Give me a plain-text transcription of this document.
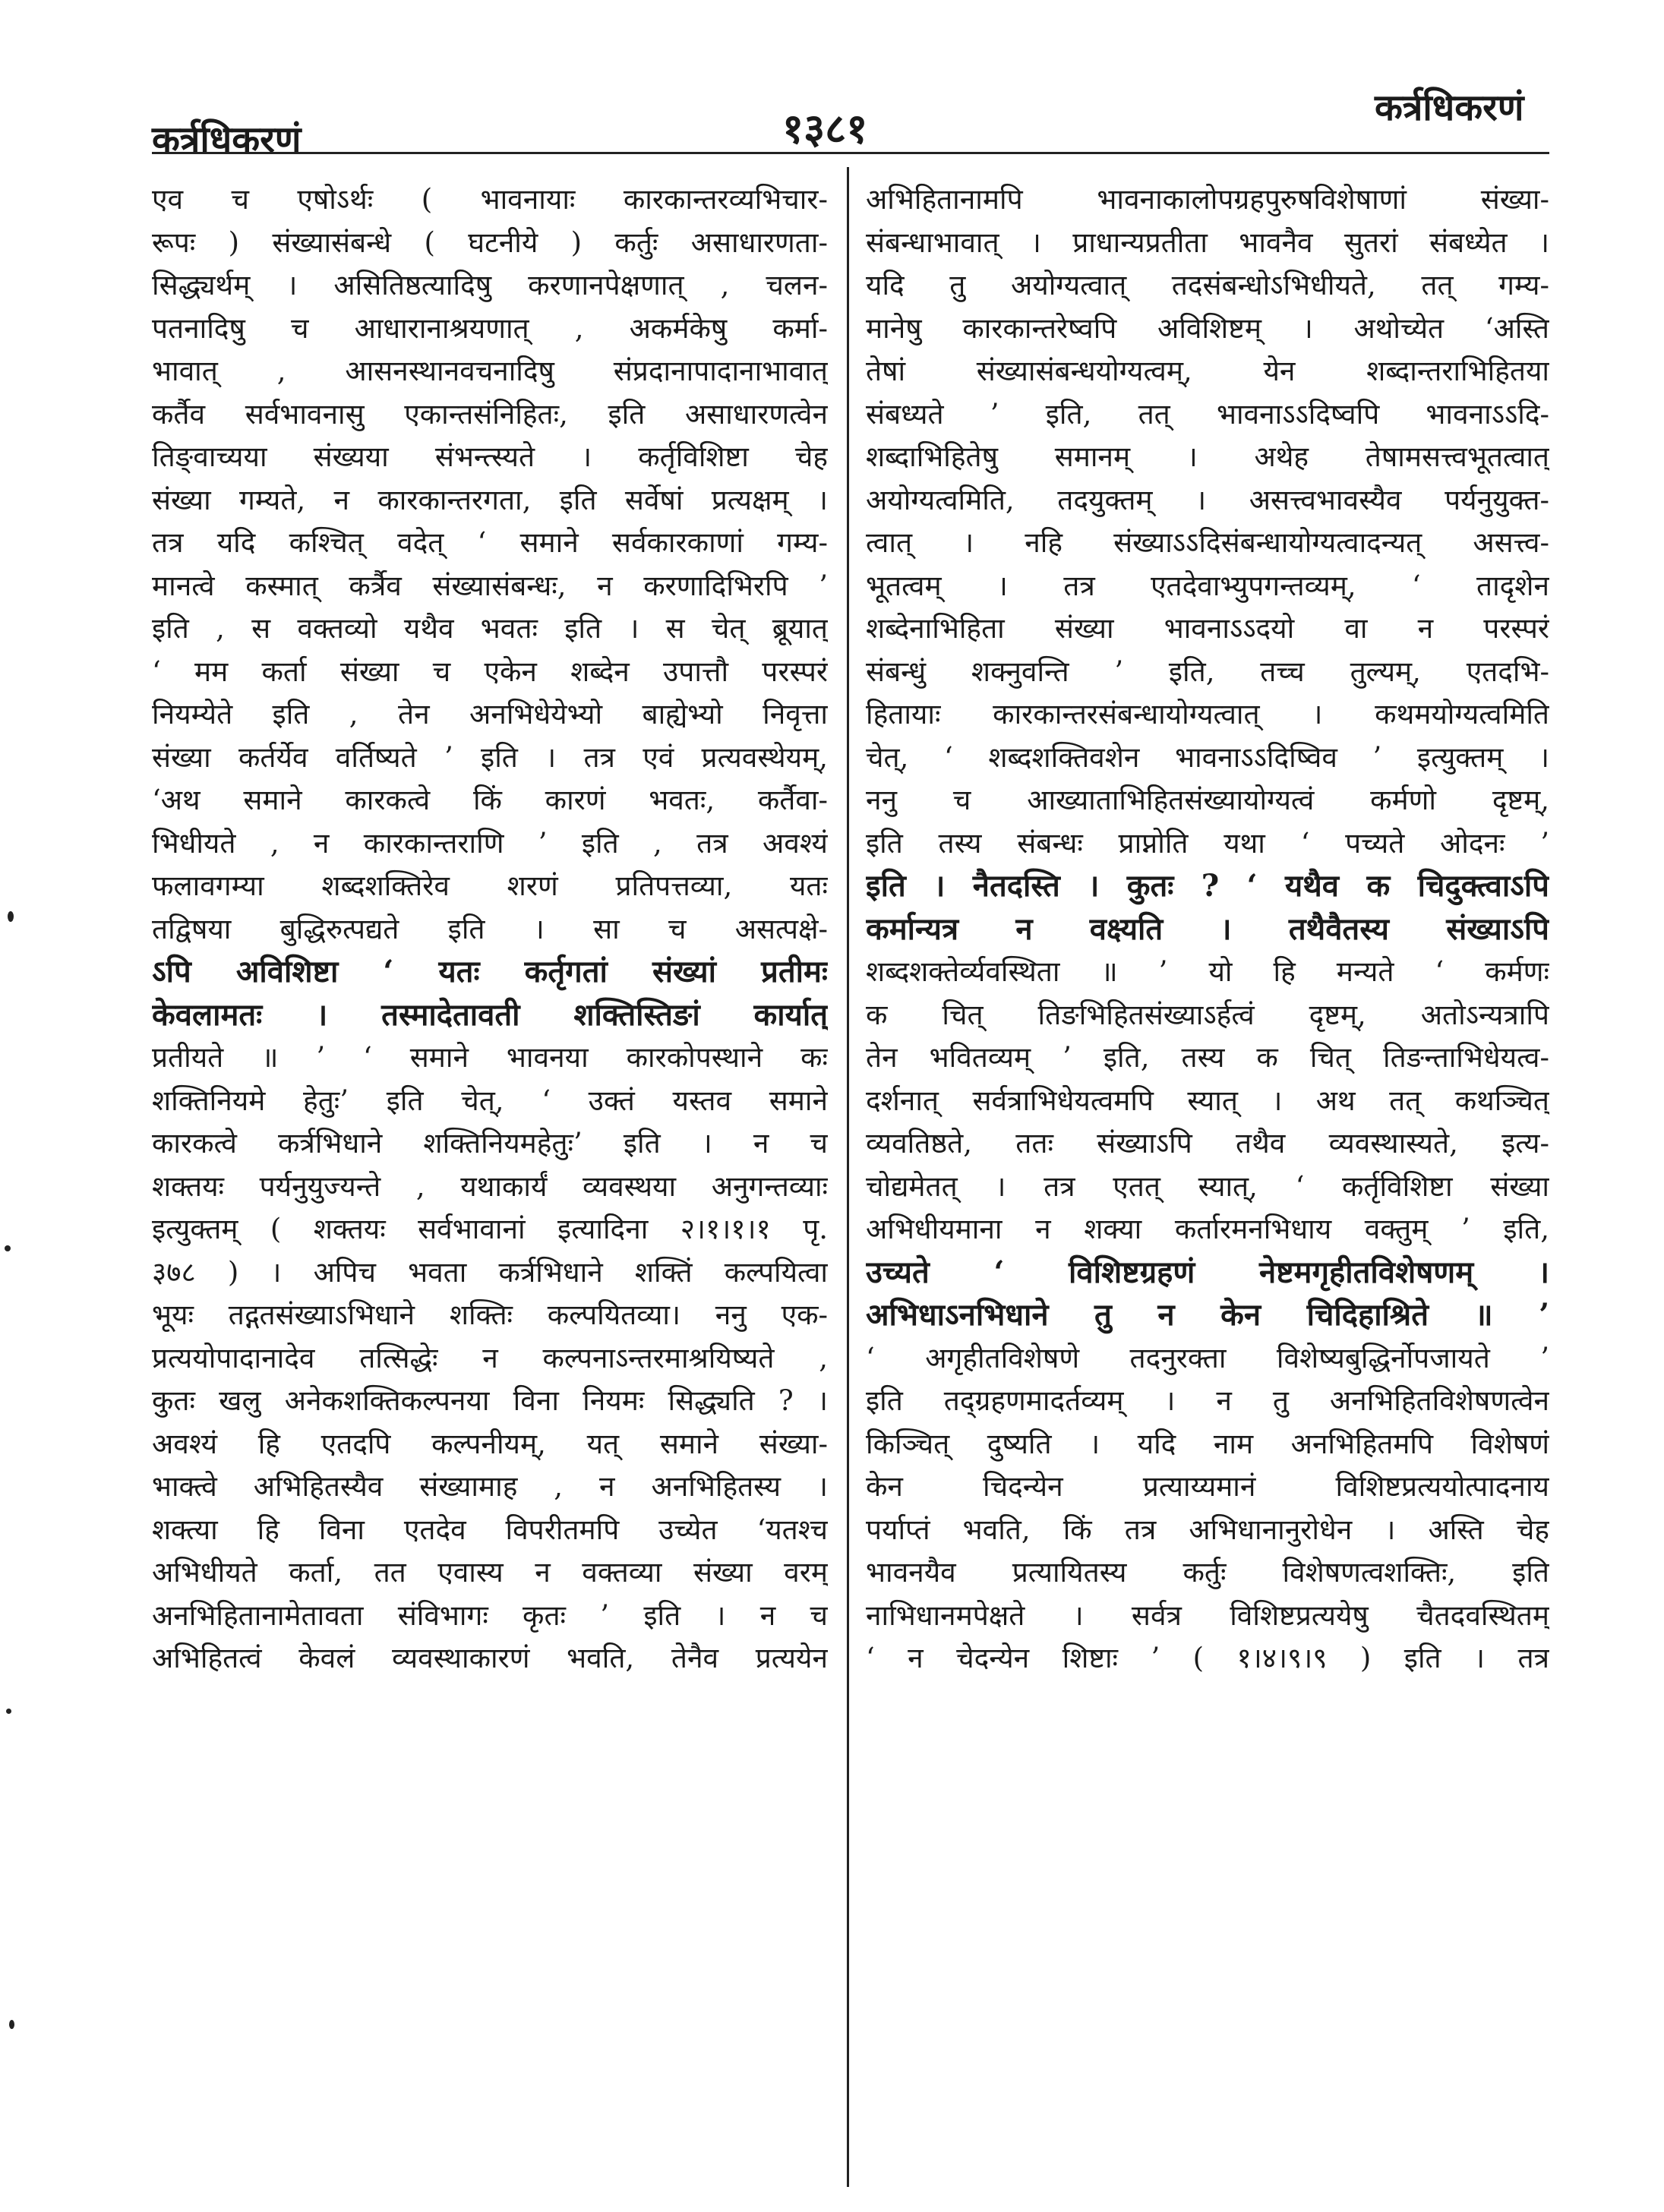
कर्त्रधिकरणं	१३८१	कर्त्रधिकरणं
एव च एषोऽर्थः ( भावनायाः कारकान्तरव्यभिचार-
रूपः ) संख्यासंबन्धे ( घटनीये ) कर्तुः असाधारणता-
सिद्ध्यर्थम् । असितिष्ठत्यादिषु करणानपेक्षणात् , चलन-
पतनादिषु च आधारानाश्रयणात् , अकर्मकेषु कर्मा-
भावात् , आसनस्थानवचनादिषु संप्रदानापादानाभावात्
कर्तैव सर्वभावनासु एकान्तसंनिहितः, इति असाधारणत्वेन
तिङ्वाच्यया संख्यया संभन्त्स्यते । कर्तृविशिष्टा चेह
संख्या गम्यते, न कारकान्तरगता, इति सर्वेषां प्रत्यक्षम् ।
तत्र यदि कश्चित् वदेत् ‘ समाने सर्वकारकाणां गम्य-
मानत्वे कस्मात् कर्त्रैव संख्यासंबन्धः, न करणादिभिरपि ’
इति , स वक्तव्यो यथैव भवतः इति । स चेत् ब्रूयात्
‘ मम कर्ता संख्या च एकेन शब्देन उपात्तौ परस्परं
नियम्येते इति , तेन अनभिधेयेभ्यो बाह्येभ्यो निवृत्ता
संख्या कर्तर्येव वर्तिष्यते ’ इति । तत्र एवं प्रत्यवस्थेयम्,
‘अथ समाने कारकत्वे किं कारणं भवतः, कर्तैवा-
भिधीयते , न कारकान्तराणि ’ इति , तत्र अवश्यं
फलावगम्या शब्दशक्तिरेव शरणं प्रतिपत्तव्या, यतः
तद्विषया बुद्धिरुत्पद्यते इति । सा च असत्पक्षे-
ऽपि अविशिष्टा ‘ यतः कर्तृगतां संख्यां प्रतीमः
केवलामतः । तस्मादेतावती शक्तिस्तिङां कार्यात्
प्रतीयते ॥ ’ ‘ समाने भावनया कारकोपस्थाने कः
शक्तिनियमे हेतुः’ इति चेत्, ‘ उक्तं यस्तव समाने
कारकत्वे कर्त्रभिधाने शक्तिनियमहेतुः’ इति । न च
शक्तयः पर्यनुयुज्यन्ते , यथाकार्यं व्यवस्थया अनुगन्तव्याः
इत्युक्तम् ( शक्तयः सर्वभावानां इत्यादिना २।१।१।१ पृ.
३७८ ) । अपिच भवता कर्त्रभिधाने शक्तिं कल्पयित्वा
भूयः तद्गतसंख्याऽभिधाने शक्तिः कल्पयितव्या। ननु एक-
प्रत्ययोपादानादेव तत्सिद्धेः न कल्पनाऽन्तरमाश्रयिष्यते ,
कुतः खलु अनेकशक्तिकल्पनया विना नियमः सिद्ध्यति ? ।
अवश्यं हि एतदपि कल्पनीयम्, यत् समाने संख्या-
भाक्त्वे अभिहितस्यैव संख्यामाह , न अनभिहितस्य ।
शक्त्या हि विना एतदेव विपरीतमपि उच्येत ‘यतश्च
अभिधीयते कर्ता, तत एवास्य न वक्तव्या संख्या वरम्
अनभिहितानामेतावता संविभागः कृतः ’ इति । न च
अभिहितत्वं केवलं व्यवस्थाकारणं भवति, तेनैव प्रत्ययेन
अभिहितानामपि भावनाकालोपग्रहपुरुषविशेषाणां संख्या-
संबन्धाभावात् । प्राधान्यप्रतीता भावनैव सुतरां संबध्येत ।
यदि तु अयोग्यत्वात् तदसंबन्धोऽभिधीयते, तत् गम्य-
मानेषु कारकान्तरेष्वपि अविशिष्टम् । अथोच्येत ‘अस्ति
तेषां संख्यासंबन्धयोग्यत्वम्, येन शब्दान्तराभिहितया
संबध्यते ’ इति, तत् भावनाऽऽदिष्वपि भावनाऽऽदि-
शब्दाभिहितेषु समानम् । अथेह तेषामसत्त्वभूतत्वात्
अयोग्यत्वमिति, तदयुक्तम् । असत्त्वभावस्यैव पर्यनुयुक्त-
त्वात् । नहि संख्याऽऽदिसंबन्धायोग्यत्वादन्यत् असत्त्व-
भूतत्वम् । तत्र एतदेवाभ्युपगन्तव्यम्, ‘ तादृशेन
शब्देनाभिहिता संख्या भावनाऽऽदयो वा न परस्परं
संबन्धुं शक्नुवन्ति ’ इति, तच्च तुल्यम्, एतदभि-
हितायाः कारकान्तरसंबन्धायोग्यत्वात् । कथमयोग्यत्वमिति
चेत्, ‘ शब्दशक्तिवशेन भावनाऽऽदिष्विव ’ इत्युक्तम् ।
ननु च आख्याताभिहितसंख्यायोग्यत्वं कर्मणो दृष्टम्,
इति तस्य संबन्धः प्राप्नोति यथा ‘ पच्यते ओदनः ’
इति । नैतदस्ति । कुतः ? ‘ यथैव क चिदुक्त्वाऽपि
कर्मान्यत्र न वक्ष्यति । तथैवैतस्य संख्याऽपि
शब्दशक्तेर्व्यवस्थिता ॥ ’ यो हि मन्यते ‘ कर्मणः
क चित् तिङभिहितसंख्याऽर्हत्वं दृष्टम्, अतोऽन्यत्रापि
तेन भवितव्यम् ’ इति, तस्य क चित् तिङन्ताभिधेयत्व-
दर्शनात् सर्वत्राभिधेयत्वमपि स्यात् । अथ तत् कथञ्चित्
व्यवतिष्ठते, ततः संख्याऽपि तथैव व्यवस्थास्यते, इत्य-
चोद्यमेतत् । तत्र एतत् स्यात्, ‘ कर्तृविशिष्टा संख्या
अभिधीयमाना न शक्या कर्तारमनभिधाय वक्तुम् ’ इति,
उच्यते ‘ विशिष्टग्रहणं नेष्टमगृहीतविशेषणम् ।
अभिधाऽनभिधाने तु न केन चिदिहाश्रिते ॥ ’
‘ अगृहीतविशेषणे तदनुरक्ता विशेष्यबुद्धिर्नोपजायते ’
इति तद्ग्रहणमादर्तव्यम् । न तु अनभिहितविशेषणत्वेन
किञ्चित् दुष्यति । यदि नाम अनभिहितमपि विशेषणं
केन चिदन्येन प्रत्याय्यमानं विशिष्टप्रत्ययोत्पादनाय
पर्याप्तं भवति, किं तत्र अभिधानानुरोधेन । अस्ति चेह
भावनयैव प्रत्यायितस्य कर्तुः विशेषणत्वशक्तिः, इति
नाभिधानमपेक्षते । सर्वत्र विशिष्टप्रत्ययेषु चैतदवस्थितम्
‘ न चेदन्येन शिष्टाः ’ ( १।४।९।९ ) इति । तत्र
